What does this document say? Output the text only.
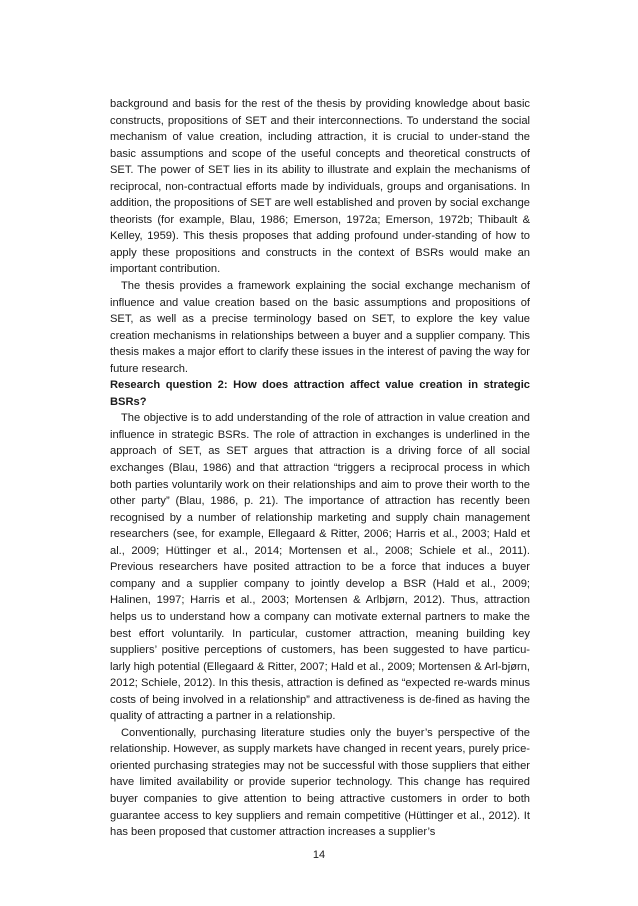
background and basis for the rest of the thesis by providing knowledge about basic constructs, propositions of SET and their interconnections. To understand the social mechanism of value creation, including attraction, it is crucial to under-stand the basic assumptions and scope of the useful concepts and theoretical constructs of SET. The power of SET lies in its ability to illustrate and explain the mechanisms of reciprocal, non-contractual efforts made by individuals, groups and organisations. In addition, the propositions of SET are well established and proven by social exchange theorists (for example, Blau, 1986; Emerson, 1972a; Emerson, 1972b; Thibault & Kelley, 1959). This thesis proposes that adding profound under-standing of how to apply these propositions and constructs in the context of BSRs would make an important contribution.

The thesis provides a framework explaining the social exchange mechanism of influence and value creation based on the basic assumptions and propositions of SET, as well as a precise terminology based on SET, to explore the key value creation mechanisms in relationships between a buyer and a supplier company. This thesis makes a major effort to clarify these issues in the interest of paving the way for future research.

Research question 2: How does attraction affect value creation in strategic BSRs?

The objective is to add understanding of the role of attraction in value creation and influence in strategic BSRs. The role of attraction in exchanges is underlined in the approach of SET, as SET argues that attraction is a driving force of all social exchanges (Blau, 1986) and that attraction “triggers a reciprocal process in which both parties voluntarily work on their relationships and aim to prove their worth to the other party” (Blau, 1986, p. 21). The importance of attraction has recently been recognised by a number of relationship marketing and supply chain management researchers (see, for example, Ellegaard & Ritter, 2006; Harris et al., 2003; Hald et al., 2009; Hüttinger et al., 2014; Mortensen et al., 2008; Schiele et al., 2011). Previous researchers have posited attraction to be a force that induces a buyer company and a supplier company to jointly develop a BSR (Hald et al., 2009; Halinen, 1997; Harris et al., 2003; Mortensen & Arlbjørn, 2012). Thus, attraction helps us to understand how a company can motivate external partners to make the best effort voluntarily. In particular, customer attraction, meaning building key suppliers’ positive perceptions of customers, has been suggested to have particu-larly high potential (Ellegaard & Ritter, 2007; Hald et al., 2009; Mortensen & Arl-bjørn, 2012; Schiele, 2012). In this thesis, attraction is defined as “expected re-wards minus costs of being involved in a relationship” and attractiveness is de-fined as having the quality of attracting a partner in a relationship.

Conventionally, purchasing literature studies only the buyer’s perspective of the relationship. However, as supply markets have changed in recent years, purely price-oriented purchasing strategies may not be successful with those suppliers that either have limited availability or provide superior technology. This change has required buyer companies to give attention to being attractive customers in order to both guarantee access to key suppliers and remain competitive (Hüttinger et al., 2012). It has been proposed that customer attraction increases a supplier’s

14
